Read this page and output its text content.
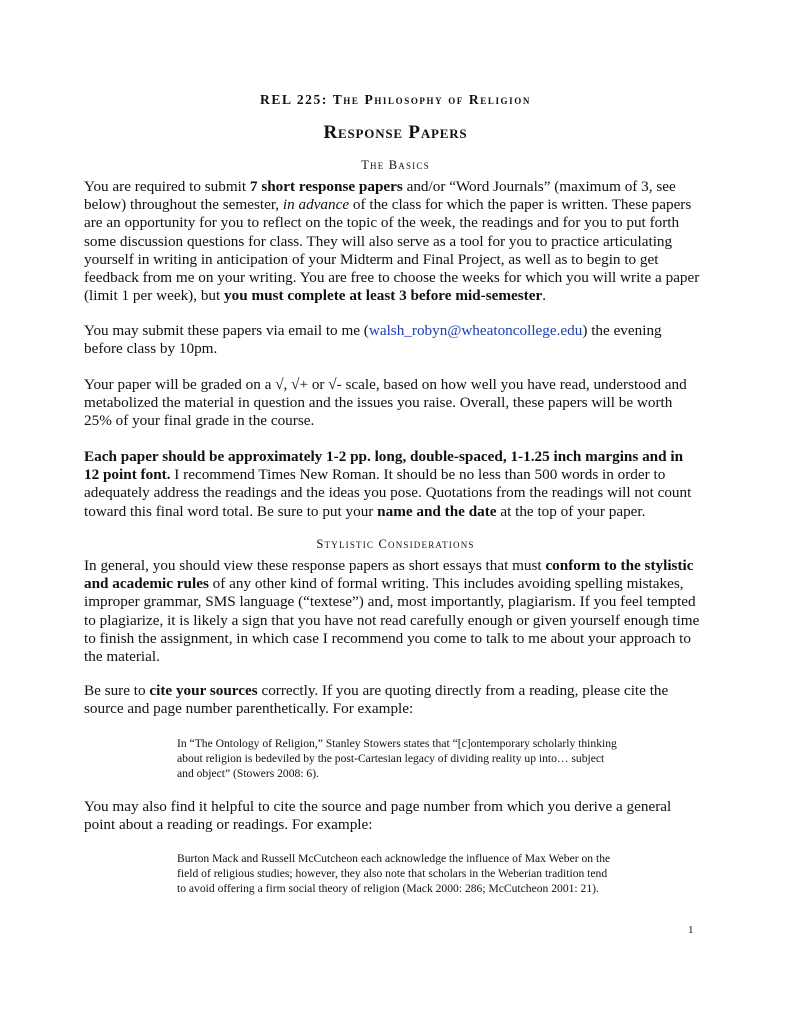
REL 225: The Philosophy of Religion
Response Papers
The Basics
You are required to submit 7 short response papers and/or “Word Journals” (maximum of 3, see below) throughout the semester, in advance of the class for which the paper is written. These papers are an opportunity for you to reflect on the topic of the week, the readings and for you to put forth some discussion questions for class. They will also serve as a tool for you to practice articulating yourself in writing in anticipation of your Midterm and Final Project, as well as to begin to get feedback from me on your writing. You are free to choose the weeks for which you will write a paper (limit 1 per week), but you must complete at least 3 before mid-semester.
You may submit these papers via email to me (walsh_robyn@wheatoncollege.edu) the evening before class by 10pm.
Your paper will be graded on a √, √+ or √- scale, based on how well you have read, understood and metabolized the material in question and the issues you raise. Overall, these papers will be worth 25% of your final grade in the course.
Each paper should be approximately 1-2 pp. long, double-spaced, 1-1.25 inch margins and in 12 point font. I recommend Times New Roman. It should be no less than 500 words in order to adequately address the readings and the ideas you pose. Quotations from the readings will not count toward this final word total. Be sure to put your name and the date at the top of your paper.
Stylistic Considerations
In general, you should view these response papers as short essays that must conform to the stylistic and academic rules of any other kind of formal writing. This includes avoiding spelling mistakes, improper grammar, SMS language (“textese”) and, most importantly, plagiarism. If you feel tempted to plagiarize, it is likely a sign that you have not read carefully enough or given yourself enough time to finish the assignment, in which case I recommend you come to talk to me about your approach to the material.
Be sure to cite your sources correctly. If you are quoting directly from a reading, please cite the source and page number parenthetically. For example:
In “The Ontology of Religion,” Stanley Stowers states that “[c]ontemporary scholarly thinking about religion is bedeviled by the post-Cartesian legacy of dividing reality up into… subject and object” (Stowers 2008: 6).
You may also find it helpful to cite the source and page number from which you derive a general point about a reading or readings. For example:
Burton Mack and Russell McCutcheon each acknowledge the influence of Max Weber on the field of religious studies; however, they also note that scholars in the Weberian tradition tend to avoid offering a firm social theory of religion (Mack 2000: 286; McCutcheon 2001: 21).
1
